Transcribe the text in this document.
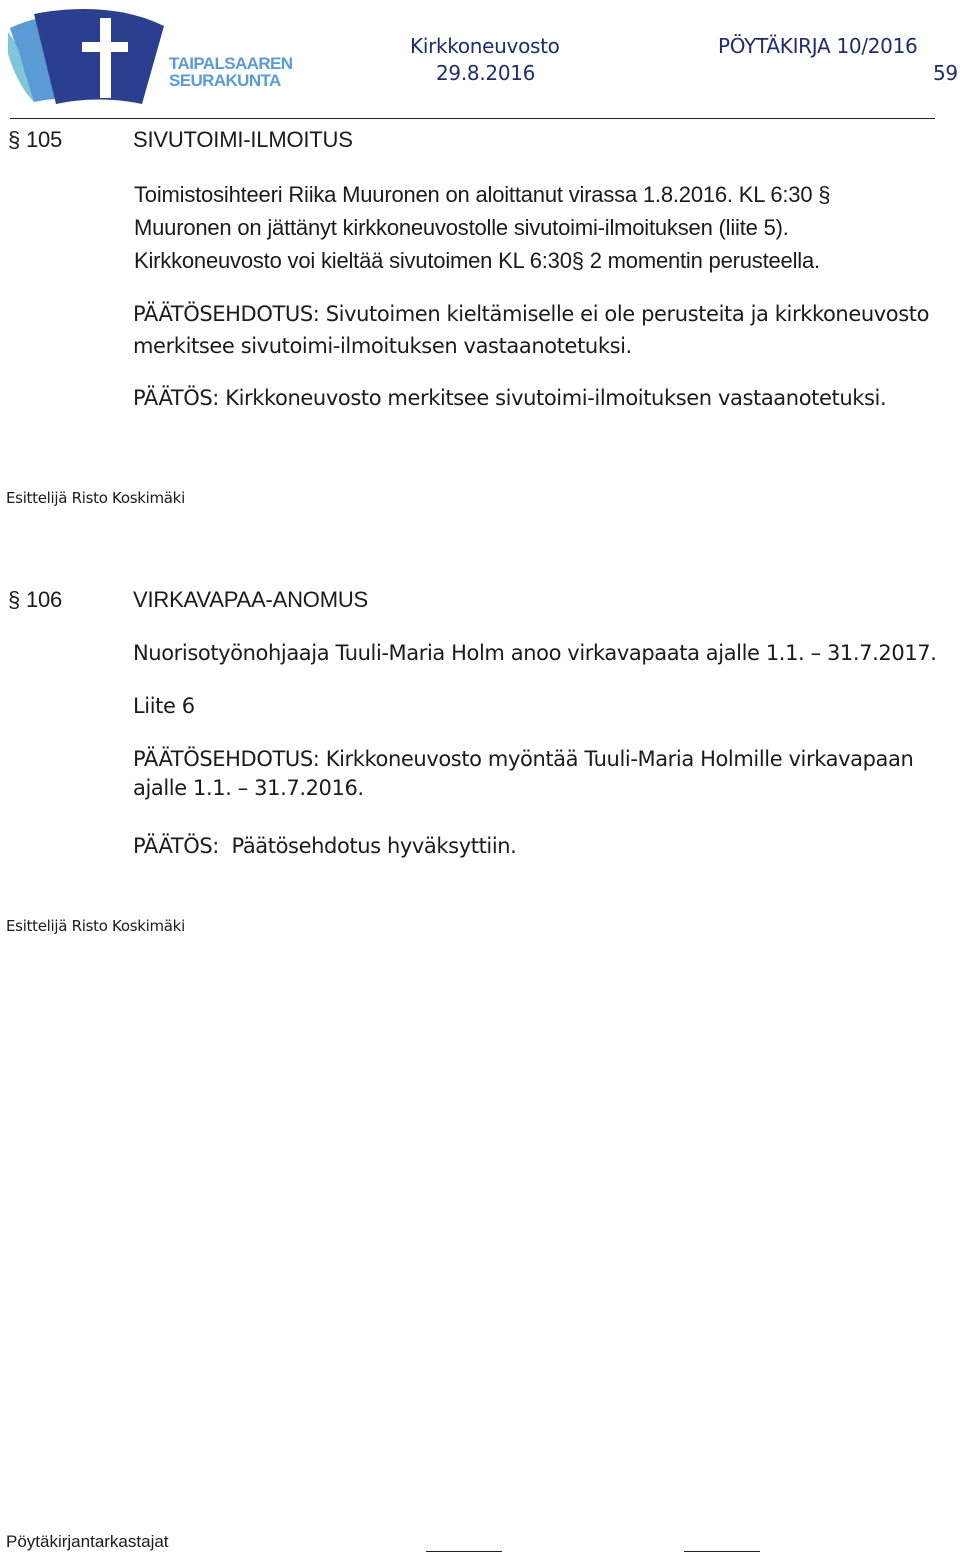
TAIPALSAAREN
SEURAKUNTA
Kirkkoneuvosto
29.8.2016
PÖYTÄKIRJA 10/2016
59
§ 105	SIVUTOIMI-ILMOITUS

Toimistosihteeri Riika Muuronen on aloittanut virassa 1.8.2016. KL 6:30 §

Muuronen on jättänyt kirkkoneuvostolle sivutoimi-ilmoituksen (liite 5).

Kirkkoneuvosto voi kieltää sivutoimen KL 6:30§ 2 momentin perusteella.

PÄÄTÖSEHDOTUS: Sivutoimen kieltämiselle ei ole perusteita ja kirkkoneuvosto

merkitsee sivutoimi-ilmoituksen vastaanotetuksi.

PÄÄTÖS: Kirkkoneuvosto merkitsee sivutoimi-ilmoituksen vastaanotetuksi.
Esittelijä Risto Koskimäki
§ 106	VIRKAVAPAA-ANOMUS
Nuorisotyönohjaaja Tuuli-Maria Holm anoo virkavapaata ajalle 1.1. – 31.7.2017.
Liite 6

PÄÄTÖSEHDOTUS: Kirkkoneuvosto myöntää Tuuli-Maria Holmille virkavapaan

ajalle 1.1. – 31.7.2016.

PÄÄTÖS:  Päätösehdotus hyväksyttiin.
Esittelijä Risto Koskimäki
Pöytäkirjantarkastajat
